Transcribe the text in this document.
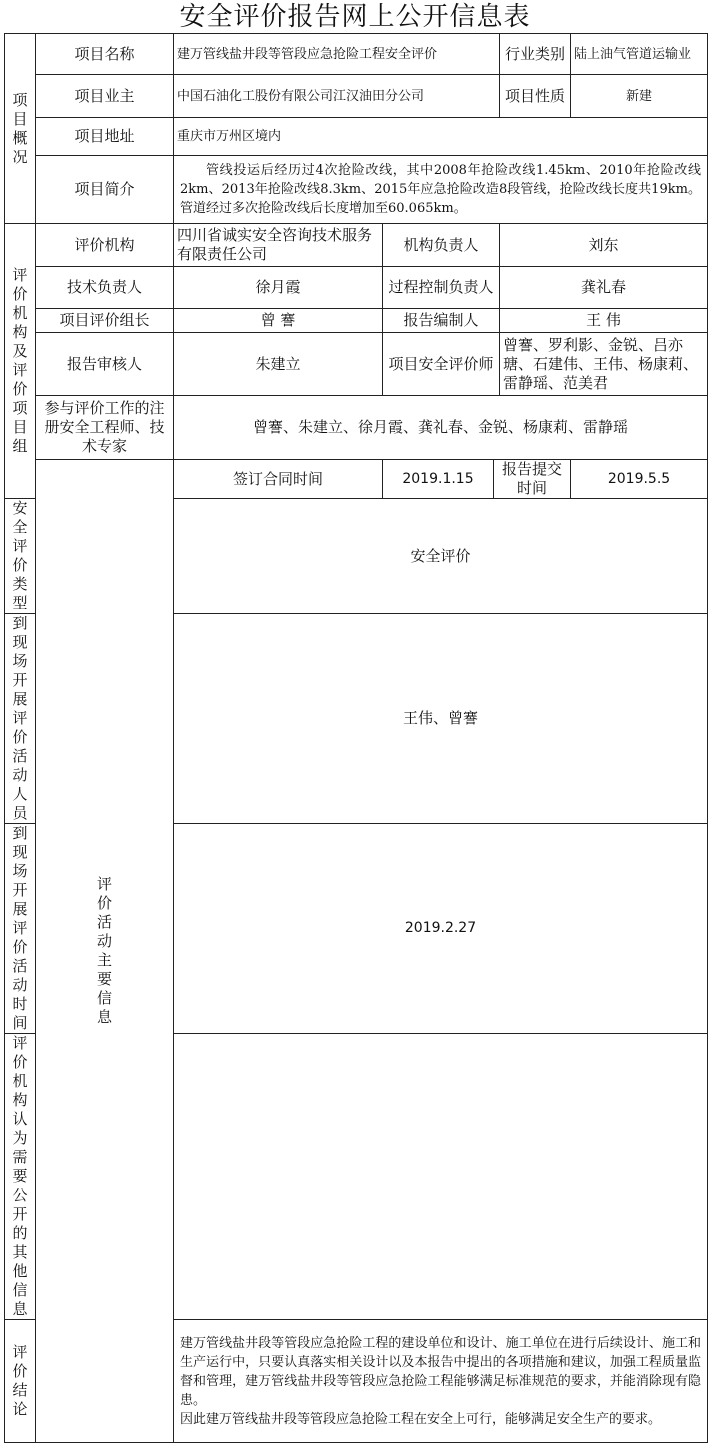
安全评价报告网上公开信息表
项目概况	项目名称	建万管线盐井段等管段应急抢险工程安全评价			行业类别	陆上油气管道运输业
	项目业主	中国石油化工股份有限公司江汉油田分公司			项目性质	新建
	项目地址	重庆市万州区境内				
	项目简介	管线投运后经历过4次抢险改线，其中2008年抢险改线1.45km、2010年抢险改线2km、2013年抢险改线8.3km、2015年应急抢险改造8段管线，抢险改线长度共19km。管道经过多次抢险改线后长度增加至60.065km。				

评价机构及评价项目组	评价机构	四川省诚实安全咨询技术服务有限责任公司	机构负责人		刘东	
	技术负责人	徐月霞	过程控制负责人		龚礼春	
	项目评价组长	曾 謇	报告编制人		王 伟	
	报告审核人	朱建立	项目安全评价师		曾謇、罗利影、金锐、吕亦瑭、石建伟、王伟、杨康莉、雷静瑶、范美君	
	参与评价工作的注册安全工程师、技术专家	曾謇、朱建立、徐月霞、龚礼春、金锐、杨康莉、雷静瑶				

	评价活动主要信息	签订合同时间	2019.1.15	报告提交时间		2019.5.5
安全评价类型		安全评价				
到现场开展评价活动人员		王伟、曾謇				
到现场开展评价活动时间		2019.2.27				
评价机构认为需要公开的其他信息						
评价结论		建万管线盐井段等管段应急抢险工程的建设单位和设计、施工单位在进行后续设计、施工和生产运行中，只要认真落实相关设计以及本报告中提出的各项措施和建议，加强工程质量监督和管理，建万管线盐井段等管段应急抢险工程能够满足标准规范的要求，并能消除现有隐患。
因此建万管线盐井段等管段应急抢险工程在安全上可行，能够满足安全生产的要求。				
